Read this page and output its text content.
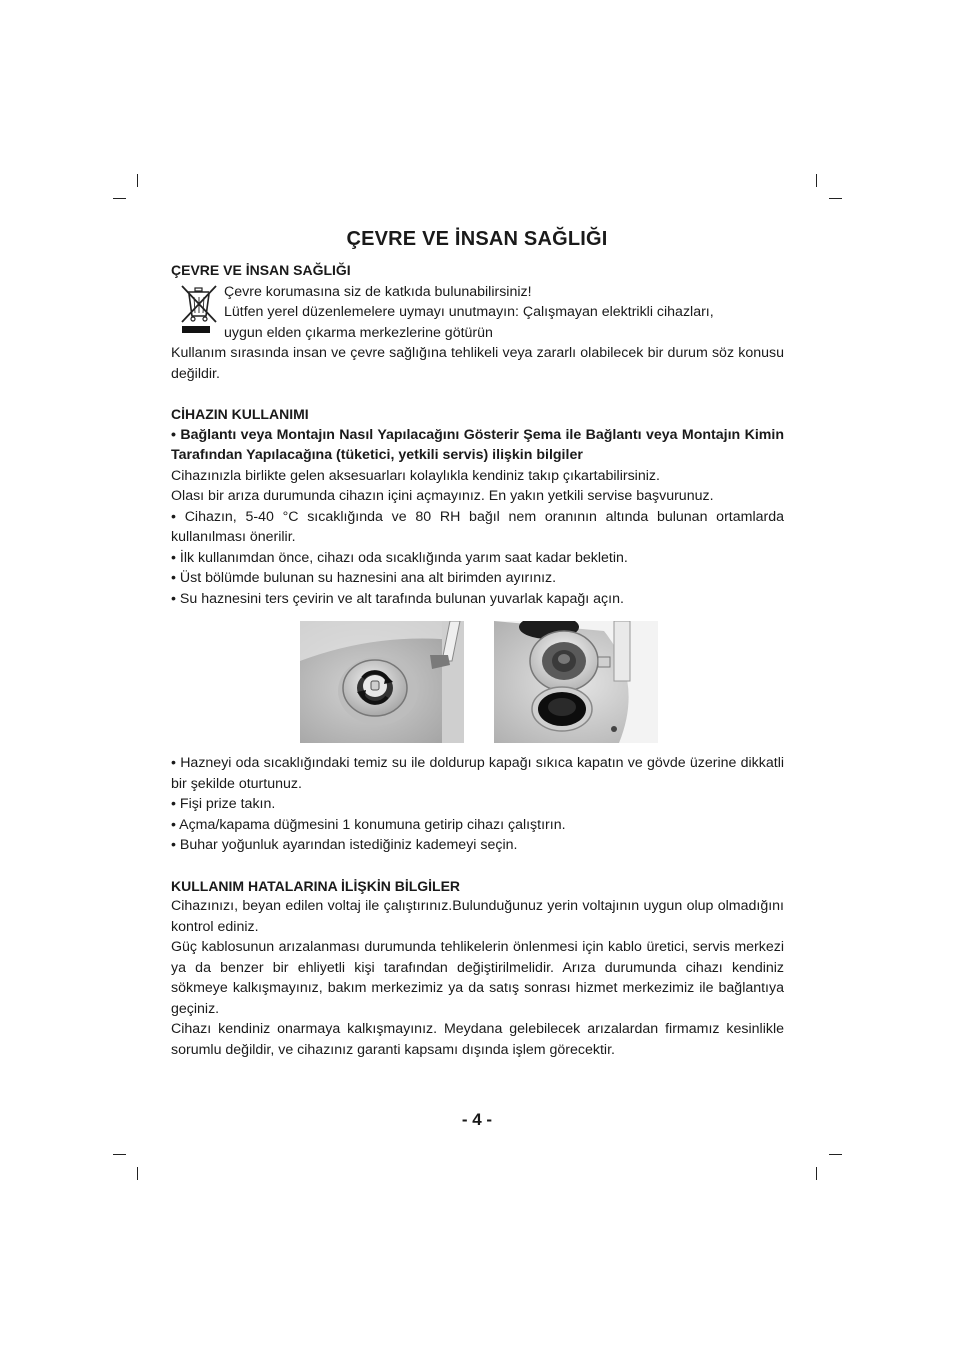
ÇEVRE VE İNSAN SAĞLIĞI
ÇEVRE VE İNSAN SAĞLIĞI
Çevre korumasına siz de katkıda bulunabilirsiniz!
Lütfen yerel düzenlemelere uymayı unutmayın: Çalışmayan elektrikli cihazları,
uygun elden çıkarma merkezlerine götürün

Kullanım sırasında insan ve çevre sağlığına tehlikeli veya zararlı olabilecek bir durum söz konusu değildir.

CİHAZIN KULLANIMI

• Bağlantı veya Montajın Nasıl Yapılacağını Gösterir Şema ile Bağlantı veya Montajın Kimin Tarafından Yapılacağına (tüketici, yetkili servis) ilişkin bilgiler

Cihazınızla birlikte gelen aksesuarları kolaylıkla kendiniz takıp çıkartabilirsiniz.

Olası bir arıza durumunda cihazın içini açmayınız. En yakın yetkili servise başvurunuz.

• Cihazın, 5-40 °C sıcaklığında ve 80 RH bağıl nem oranının altında bulunan ortamlarda kullanılması önerilir.

• İlk kullanımdan önce, cihazı oda sıcaklığında yarım saat kadar bekletin.

• Üst bölümde bulunan su haznesini ana alt birimden ayırınız.

• Su haznesini ters çevirin ve alt tarafında bulunan yuvarlak kapağı açın.

• Hazneyi oda sıcaklığındaki temiz su ile doldurup kapağı sıkıca kapatın ve gövde üzerine dikkatli bir şekilde oturtunuz.

• Fişi prize takın.

• Açma/kapama düğmesini 1 konumuna getirip cihazı çalıştırın.

• Buhar yoğunluk ayarından istediğiniz kademeyi seçin.

KULLANIM HATALARINA İLİŞKİN BİLGİLER

Cihazınızı, beyan edilen voltaj ile çalıştırınız.Bulunduğunuz yerin voltajının uygun olup olmadığını kontrol ediniz.

Güç kablosunun arızalanması durumunda tehlikelerin önlenmesi için kablo üretici, servis merkezi ya da benzer bir ehliyetli kişi tarafından değiştirilmelidir. Arıza durumunda cihazı kendiniz sökmeye kalkışmayınız, bakım merkezimiz ya da satış sonrası hizmet merkezimiz ile bağlantıya geçiniz.

Cihazı kendiniz onarmaya kalkışmayınız. Meydana gelebilecek arızalardan firmamız kesinlikle sorumlu değildir, ve cihazınız garanti kapsamı dışında işlem görecektir.

- 4 -
